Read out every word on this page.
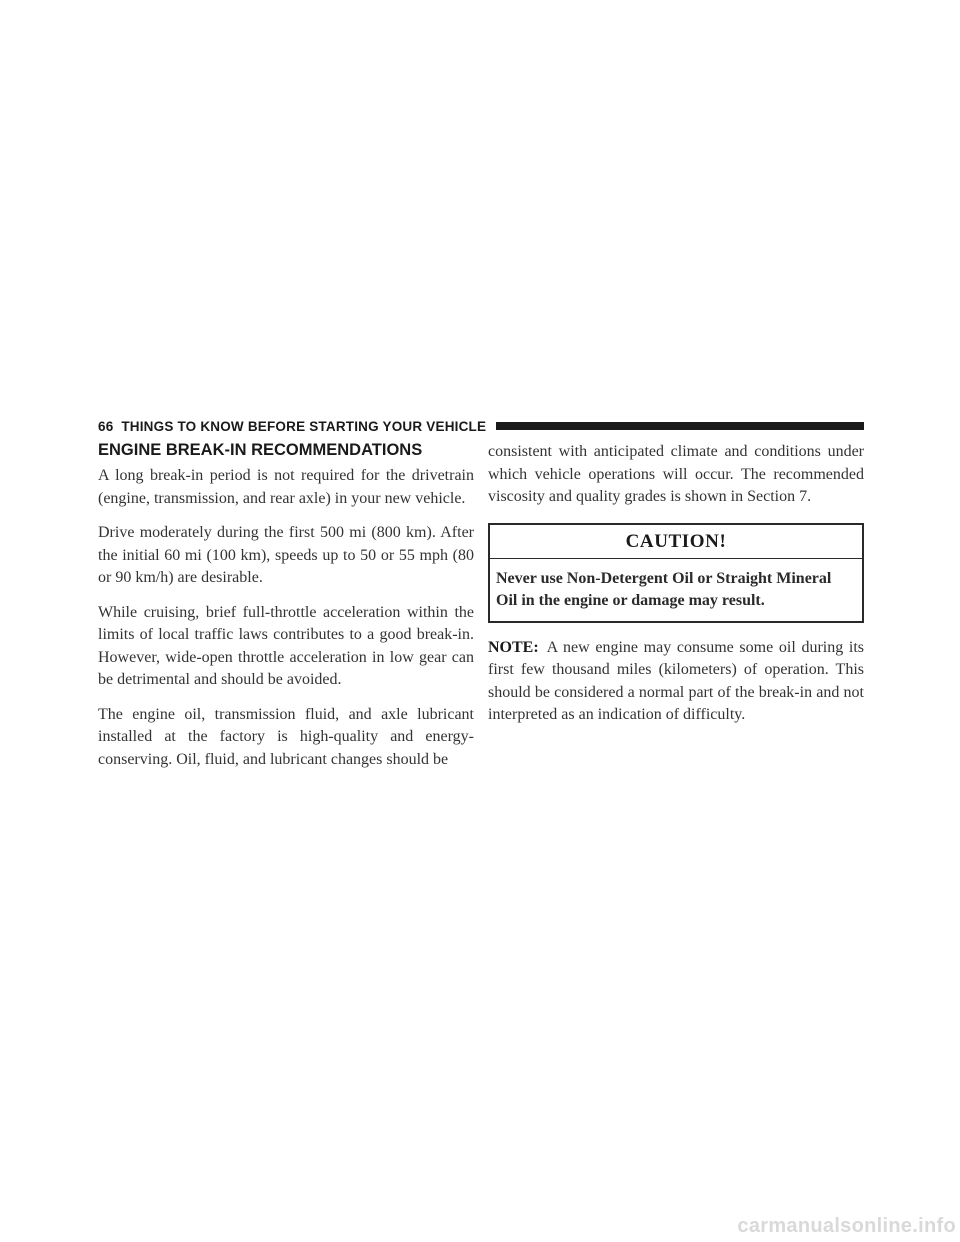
66 THINGS TO KNOW BEFORE STARTING YOUR VEHICLE
ENGINE BREAK-IN RECOMMENDATIONS

A long break-in period is not required for the drivetrain (engine, transmission, and rear axle) in your new vehicle.

Drive moderately during the first 500 mi (800 km). After the initial 60 mi (100 km), speeds up to 50 or 55 mph (80 or 90 km/h) are desirable.

While cruising, brief full-throttle acceleration within the limits of local traffic laws contributes to a good break-in. However, wide-open throttle acceleration in low gear can be detrimental and should be avoided.

The engine oil, transmission fluid, and axle lubricant installed at the factory is high-quality and energy-conserving. Oil, fluid, and lubricant changes should be

consistent with anticipated climate and conditions under which vehicle operations will occur. The recommended viscosity and quality grades is shown in Section 7.

CAUTION!
Never use Non-Detergent Oil or Straight Mineral Oil in the engine or damage may result.

NOTE: A new engine may consume some oil during its first few thousand miles (kilometers) of operation. This should be considered a normal part of the break-in and not interpreted as an indication of difficulty.

carmanualsonline.info
